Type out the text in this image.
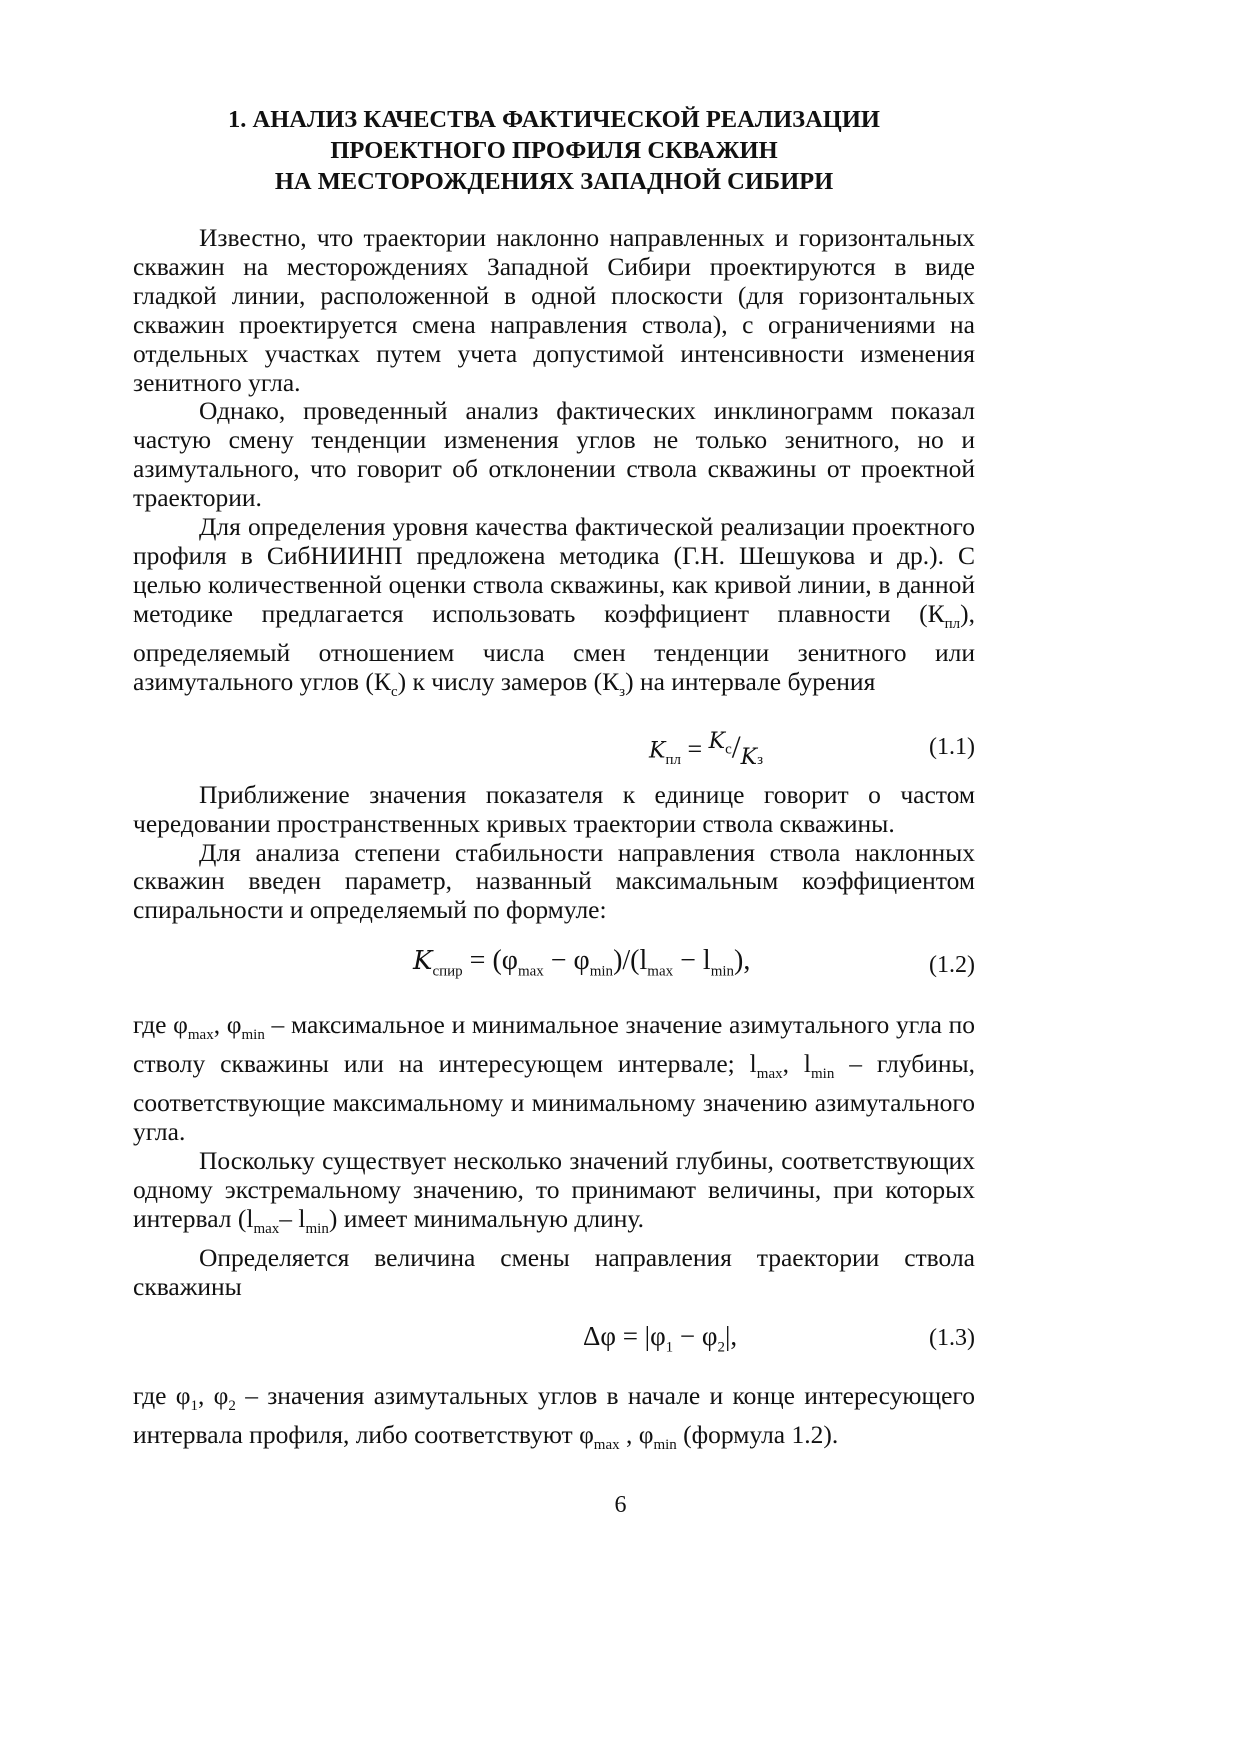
1. АНАЛИЗ КАЧЕСТВА ФАКТИЧЕСКОЙ РЕАЛИЗАЦИИ
ПРОЕКТНОГО ПРОФИЛЯ СКВАЖИН
НА МЕСТОРОЖДЕНИЯХ ЗАПАДНОЙ СИБИРИ

Известно, что траектории наклонно направленных и горизонтальных скважин на месторождениях Западной Сибири проектируются в виде гладкой линии, расположенной в одной плоскости (для горизонтальных скважин проектируется смена направления ствола), с ограничениями на отдельных участках путем учета допустимой интенсивности изменения зенитного угла.

Однако, проведенный анализ фактических инклинограмм показал частую смену тенденции изменения углов не только зенитного, но и азимутального, что говорит об отклонении ствола скважины от проектной траектории.

Для определения уровня качества фактической реализации проектного профиля в СибНИИНП предложена методика (Г.Н. Шешукова и др.). С целью количественной оценки ствола скважины, как кривой линии, в данной методике предлагается использовать коэффициент плавности $(К_{пл})$, определяемый отношением числа смен тенденции зенитного или азимутального углов $(К_с)$ к числу замеров $(К_з)$ на интервале бурения

$K_{пл} = ^{K_c}/_{Kз}$	(1.1)

Приближение значения показателя к единице говорит о частом чередовании пространственных кривых траектории ствола скважины.

Для анализа степени стабильности направления ствола наклонных скважин введен параметр, названный максимальным коэффициентом спиральности и определяемый по формуле:

$K_{спир} = (\varphi_{max} - \varphi_{min})/(l_{max} - l_{min})$,	(1.2)

где $\varphi_{max}$, $\varphi_{min}$ – максимальное и минимальное значение азимутального угла по стволу скважины или на интересующем интервале; $l_{max}$, $l_{min}$ – глубины, соответствующие максимальному и минимальному значению азимутального угла.

Поскольку существует несколько значений глубины, соответствующих одному экстремальному значению, то принимают величины, при которых интервал ($l_{max}-$ $l_{min}$) имеет минимальную длину.

Определяется величина смены направления траектории ствола скважины

$\Delta\varphi = |\varphi_1 - \varphi_2|$,	(1.3)

где $\varphi_1$, $\varphi_2$ – значения азимутальных углов в начале и конце интересующего интервала профиля, либо соответствуют $\varphi_{max}$ , $\varphi_{min}$ (формула 1.2).

6
